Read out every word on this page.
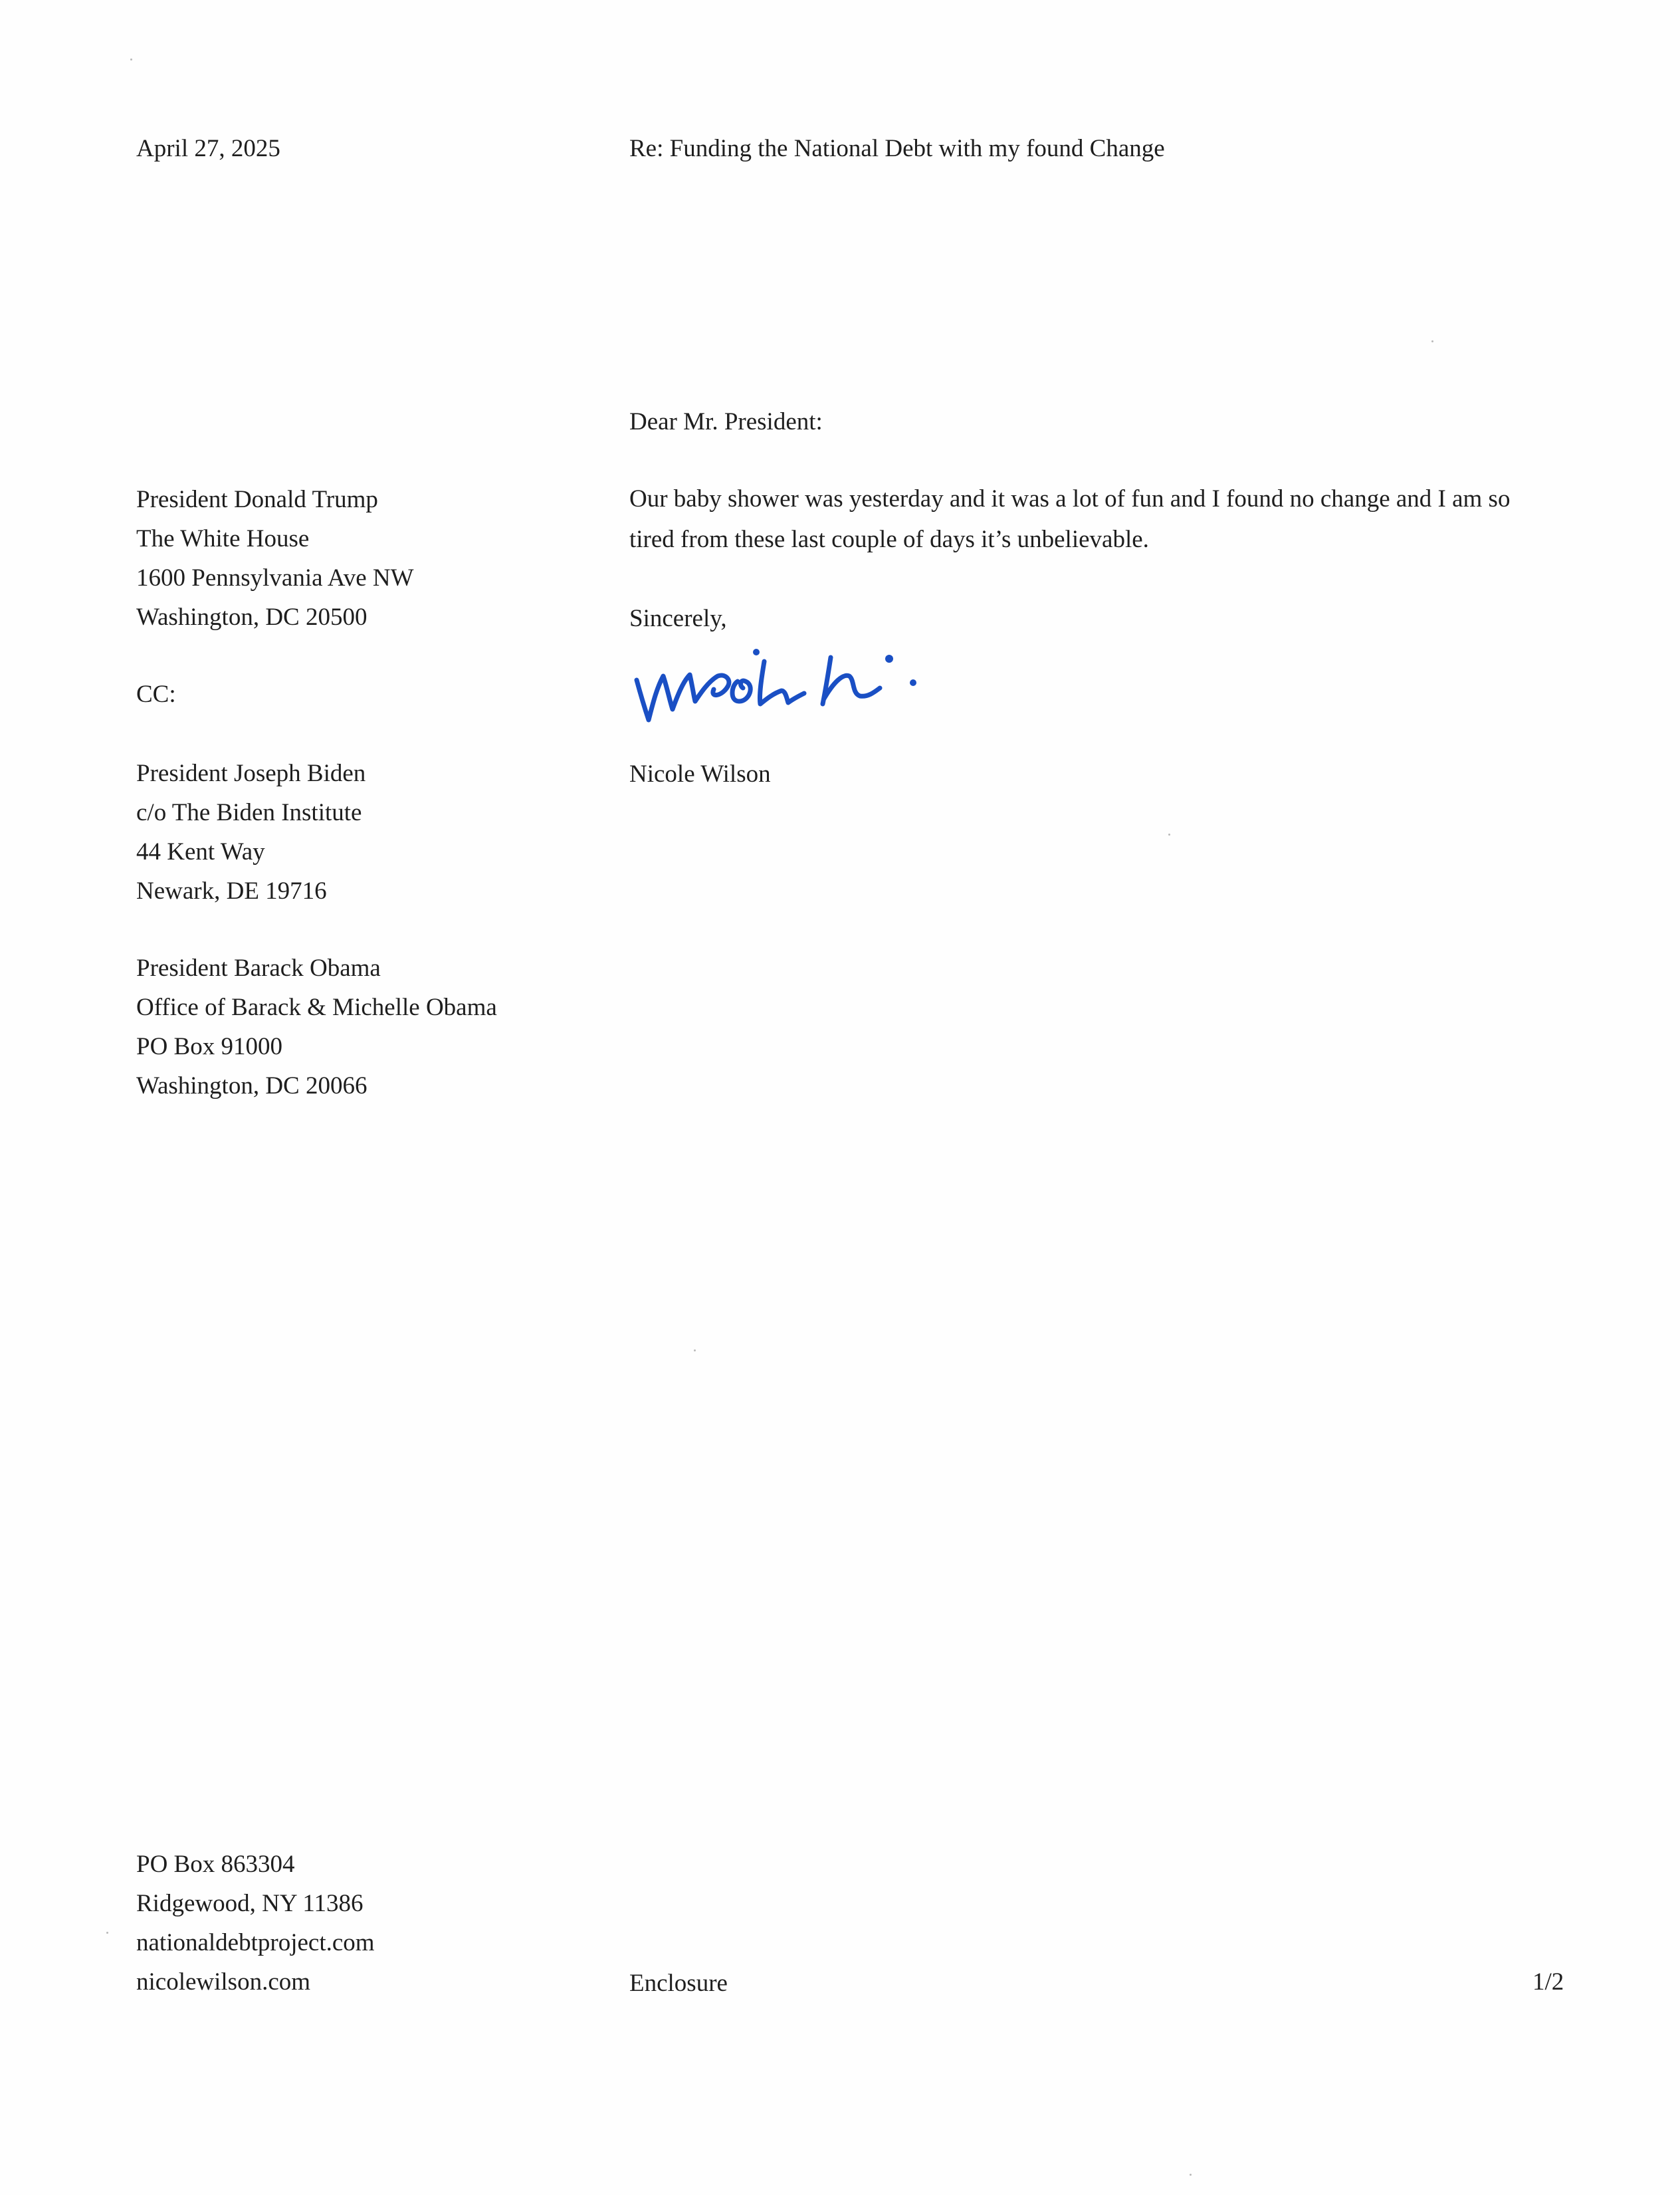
April 27, 2025	Re: Funding the National Debt with my found Change
Dear Mr. President:
President Donald Trump
The White House
1600 Pennsylvania Ave NW
Washington, DC 20500
Our baby shower was yesterday and it was a lot of fun and I found no change and I am so tired from these last couple of days it’s unbelievable.
Sincerely,
Nicole Wilson
CC:
President Joseph Biden
c/o The Biden Institute
44 Kent Way
Newark, DE 19716
President Barack Obama
Office of Barack & Michelle Obama
PO Box 91000
Washington, DC 20066
PO Box 863304
Ridgewood, NY 11386
nationaldebtproject.com
nicolewilson.com	Enclosure	1/2
